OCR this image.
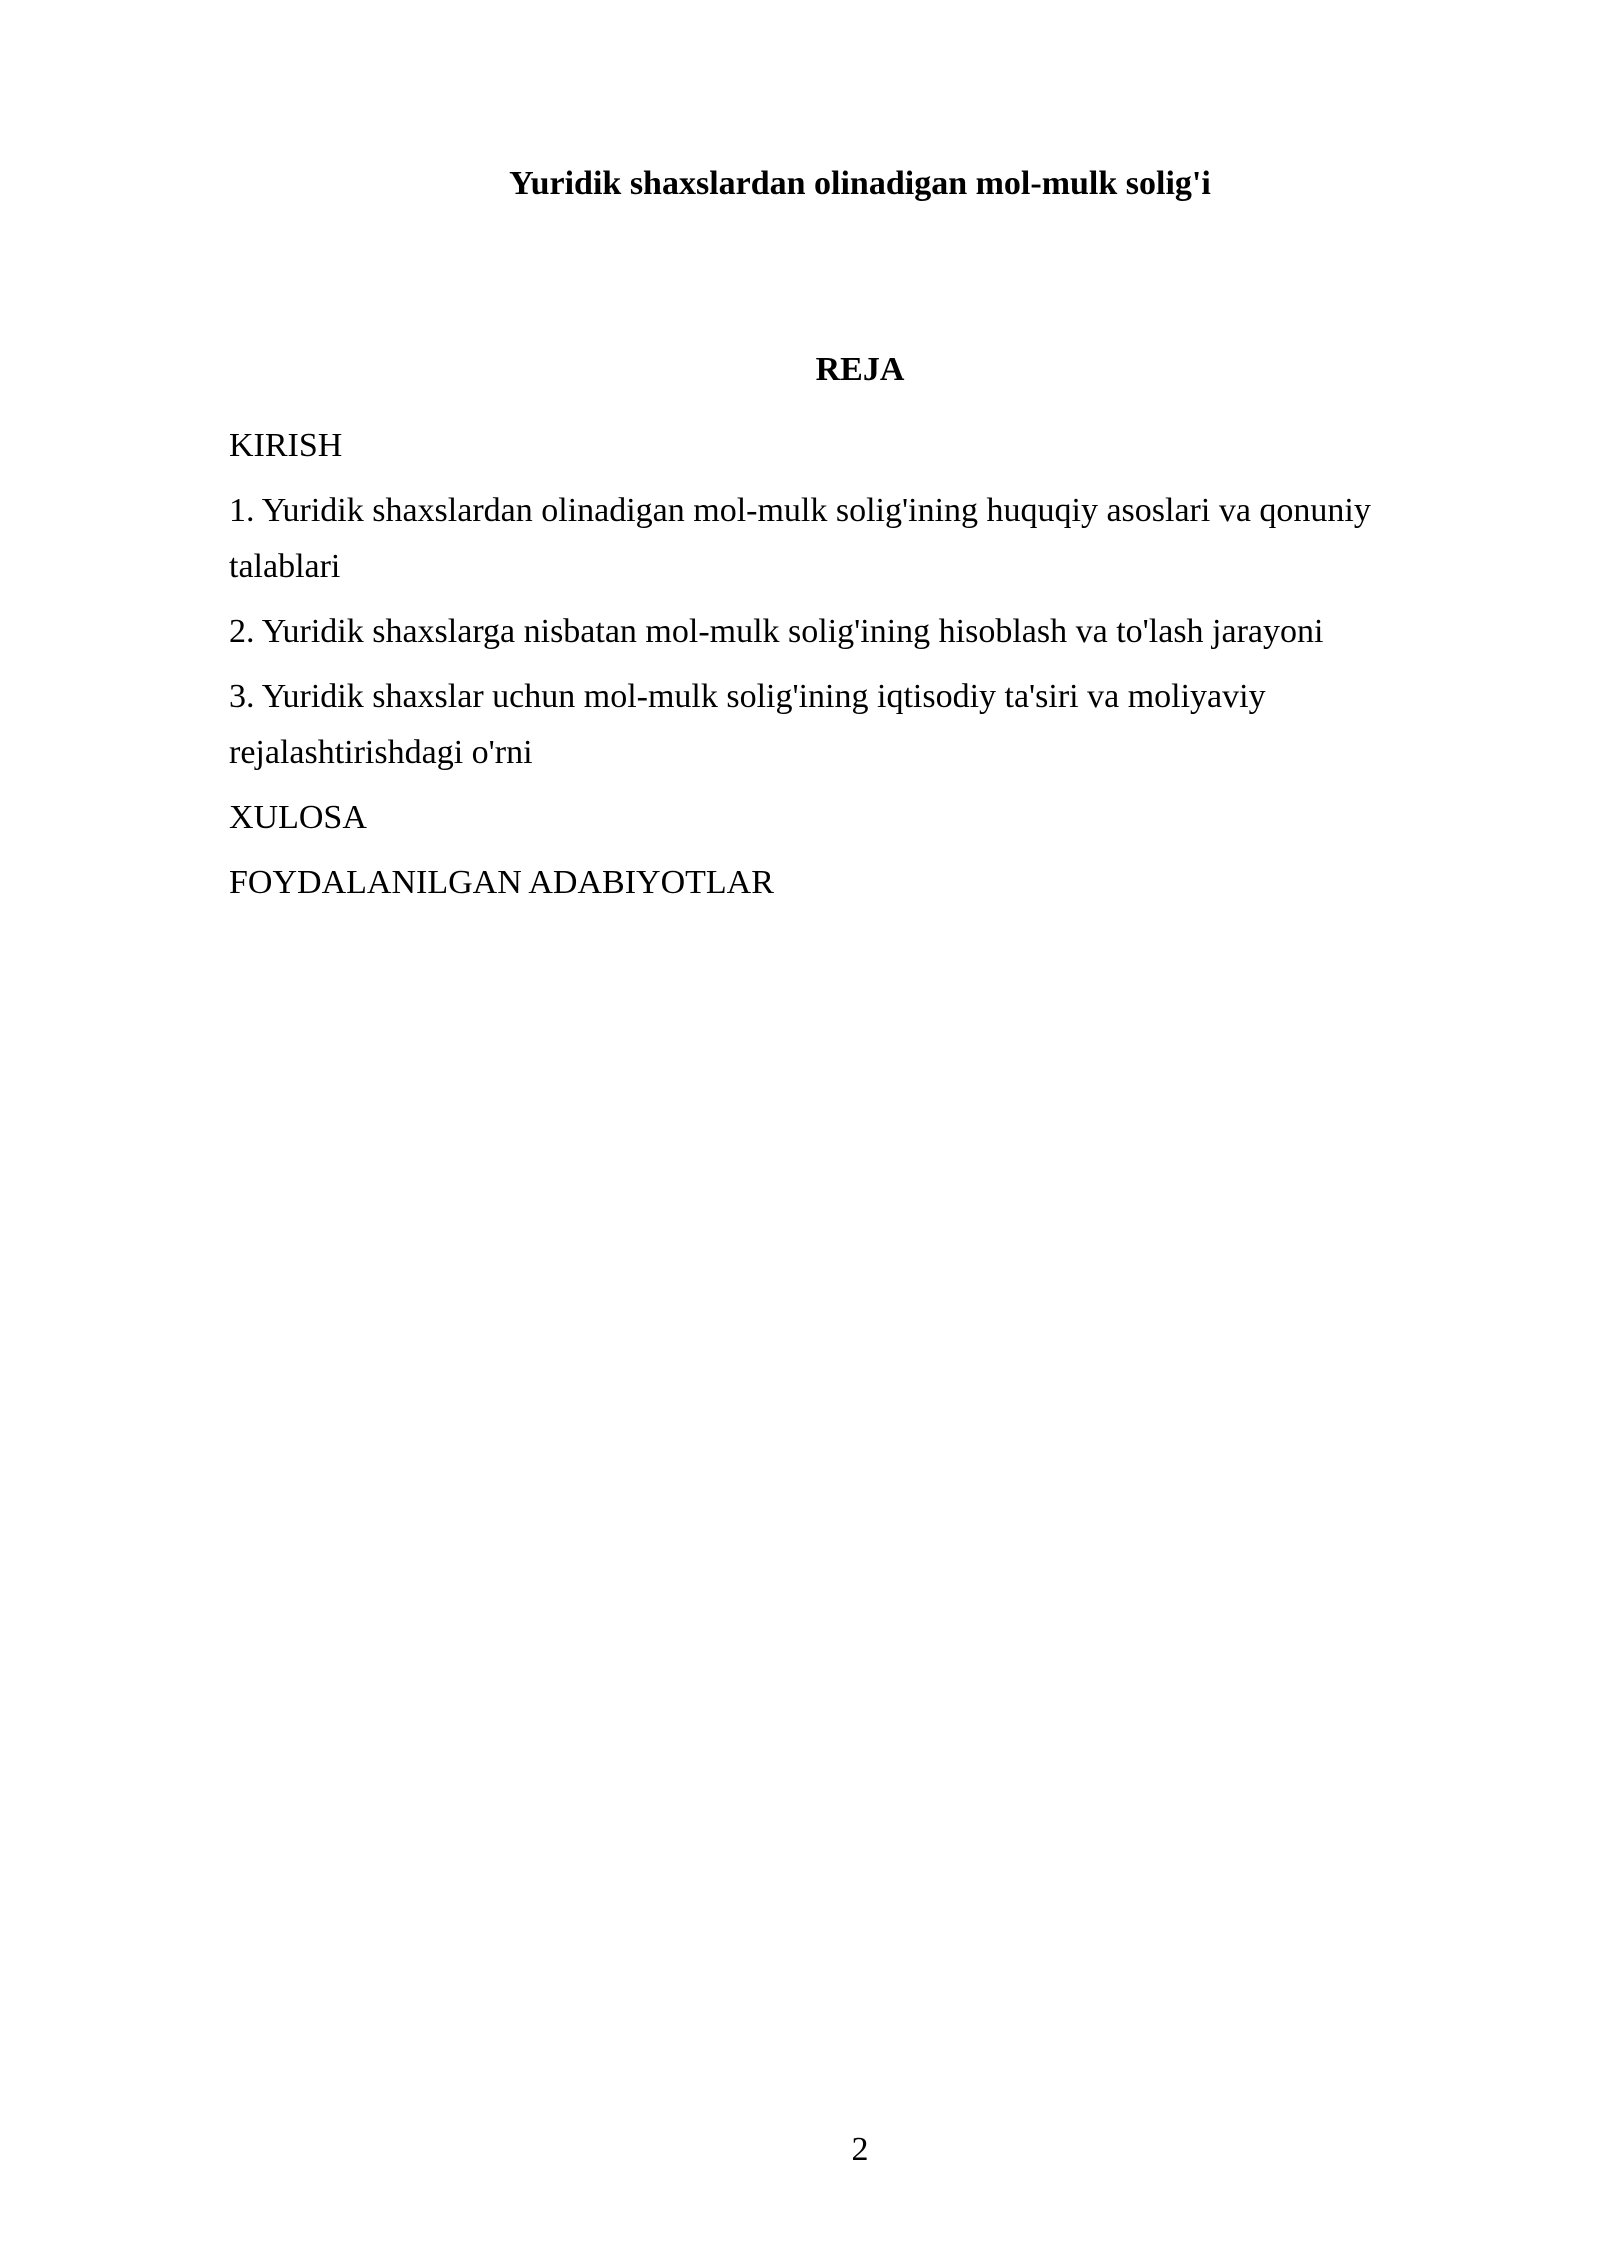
Yuridik shaxslardan olinadigan mol-mulk solig'i
REJA
KIRISH
1. Yuridik shaxslardan olinadigan mol-mulk solig'ining huquqiy asoslari va qonuniy talablari
2. Yuridik shaxslarga nisbatan mol-mulk solig'ining hisoblash va to'lash jarayoni
3. Yuridik shaxslar uchun mol-mulk solig'ining iqtisodiy ta'siri va moliyaviy rejalashtirishdagi o'rni
XULOSA
FOYDALANILGAN ADABIYOTLAR
2
